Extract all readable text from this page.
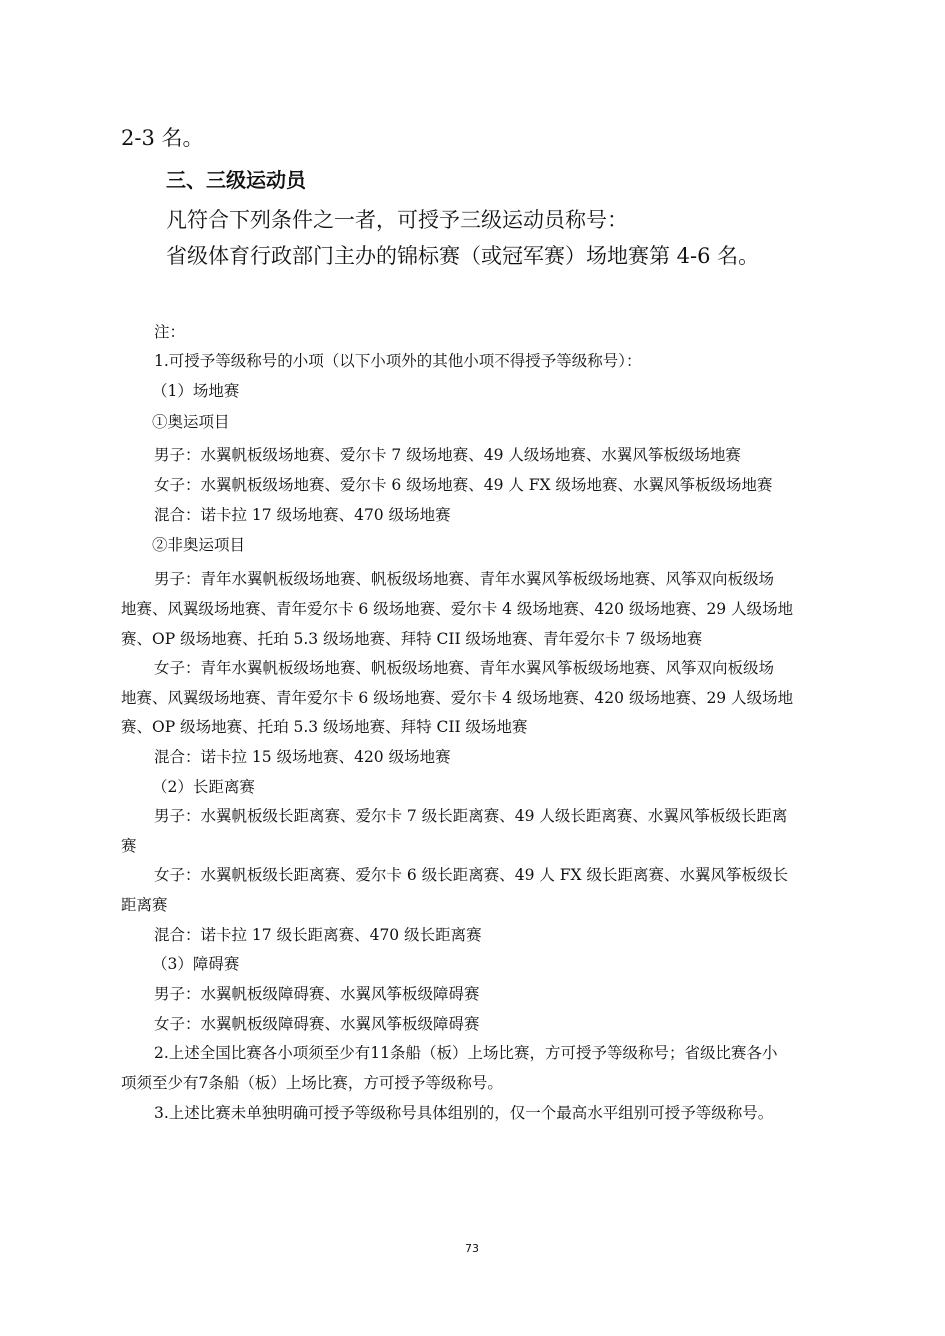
2-3 名。
三、三级运动员
凡符合下列条件之一者，可授予三级运动员称号：
省级体育行政部门主办的锦标赛（或冠军赛）场地赛第 4-6 名。
注：
1.可授予等级称号的小项（以下小项外的其他小项不得授予等级称号）：
（1）场地赛
①奥运项目
男子：水翼帆板级场地赛、爱尔卡 7 级场地赛、49 人级场地赛、水翼风筝板级场地赛
女子：水翼帆板级场地赛、爱尔卡 6 级场地赛、49 人 FX 级场地赛、水翼风筝板级场地赛
混合：诺卡拉 17 级场地赛、470 级场地赛
②非奥运项目
男子：青年水翼帆板级场地赛、帆板级场地赛、青年水翼风筝板级场地赛、风筝双向板级场
地赛、风翼级场地赛、青年爱尔卡 6 级场地赛、爱尔卡 4 级场地赛、420 级场地赛、29 人级场地
赛、OP 级场地赛、托珀 5.3 级场地赛、拜特 CII 级场地赛、青年爱尔卡 7 级场地赛
女子：青年水翼帆板级场地赛、帆板级场地赛、青年水翼风筝板级场地赛、风筝双向板级场
地赛、风翼级场地赛、青年爱尔卡 6 级场地赛、爱尔卡 4 级场地赛、420 级场地赛、29 人级场地
赛、OP 级场地赛、托珀 5.3 级场地赛、拜特 CII 级场地赛
混合：诺卡拉 15 级场地赛、420 级场地赛
（2）长距离赛
男子：水翼帆板级长距离赛、爱尔卡 7 级长距离赛、49 人级长距离赛、水翼风筝板级长距离
赛
女子：水翼帆板级长距离赛、爱尔卡 6 级长距离赛、49 人 FX 级长距离赛、水翼风筝板级长
距离赛
混合：诺卡拉 17 级长距离赛、470 级长距离赛
（3）障碍赛
男子：水翼帆板级障碍赛、水翼风筝板级障碍赛
女子：水翼帆板级障碍赛、水翼风筝板级障碍赛
2.上述全国比赛各小项须至少有11条船（板）上场比赛，方可授予等级称号；省级比赛各小
项须至少有7条船（板）上场比赛，方可授予等级称号。
3.上述比赛未单独明确可授予等级称号具体组别的，仅一个最高水平组别可授予等级称号。
73
